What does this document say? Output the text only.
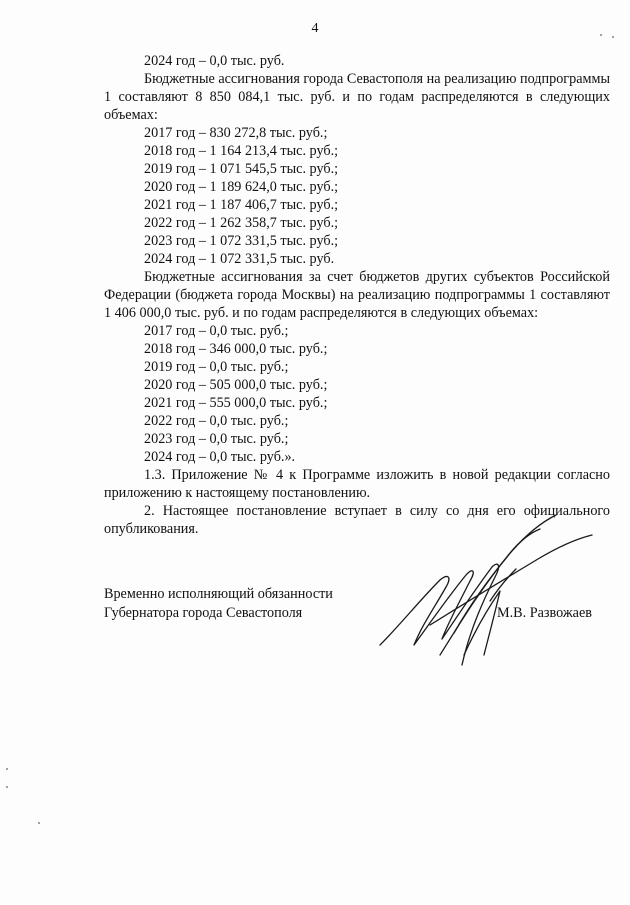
4
2024 год – 0,0 тыс. руб.
Бюджетные ассигнования города Севастополя на реализацию подпрограммы 1 составляют 8 850 084,1 тыс. руб. и по годам распределяются в следующих объемах:
2017 год – 830 272,8 тыс. руб.;
2018 год – 1 164 213,4 тыс. руб.;
2019 год – 1 071 545,5 тыс. руб.;
2020 год – 1 189 624,0 тыс. руб.;
2021 год – 1 187 406,7 тыс. руб.;
2022 год – 1 262 358,7 тыс. руб.;
2023 год – 1 072 331,5 тыс. руб.;
2024 год – 1 072 331,5 тыс. руб.
Бюджетные ассигнования за счет бюджетов других субъектов Российской Федерации (бюджета города Москвы) на реализацию подпрограммы 1 составляют 1 406 000,0 тыс. руб. и по годам распределяются в следующих объемах:
2017 год – 0,0 тыс. руб.;
2018 год – 346 000,0 тыс. руб.;
2019 год – 0,0 тыс. руб.;
2020 год – 505 000,0 тыс. руб.;
2021 год – 555 000,0 тыс. руб.;
2022 год – 0,0 тыс. руб.;
2023 год – 0,0 тыс. руб.;
2024 год – 0,0 тыс. руб.».
1.3. Приложение № 4 к Программе изложить в новой редакции согласно приложению к настоящему постановлению.
2. Настоящее постановление вступает в силу со дня его официального опубликования.
Временно исполняющий обязанности
Губернатора города Севастополя	М.В. Развожаев
